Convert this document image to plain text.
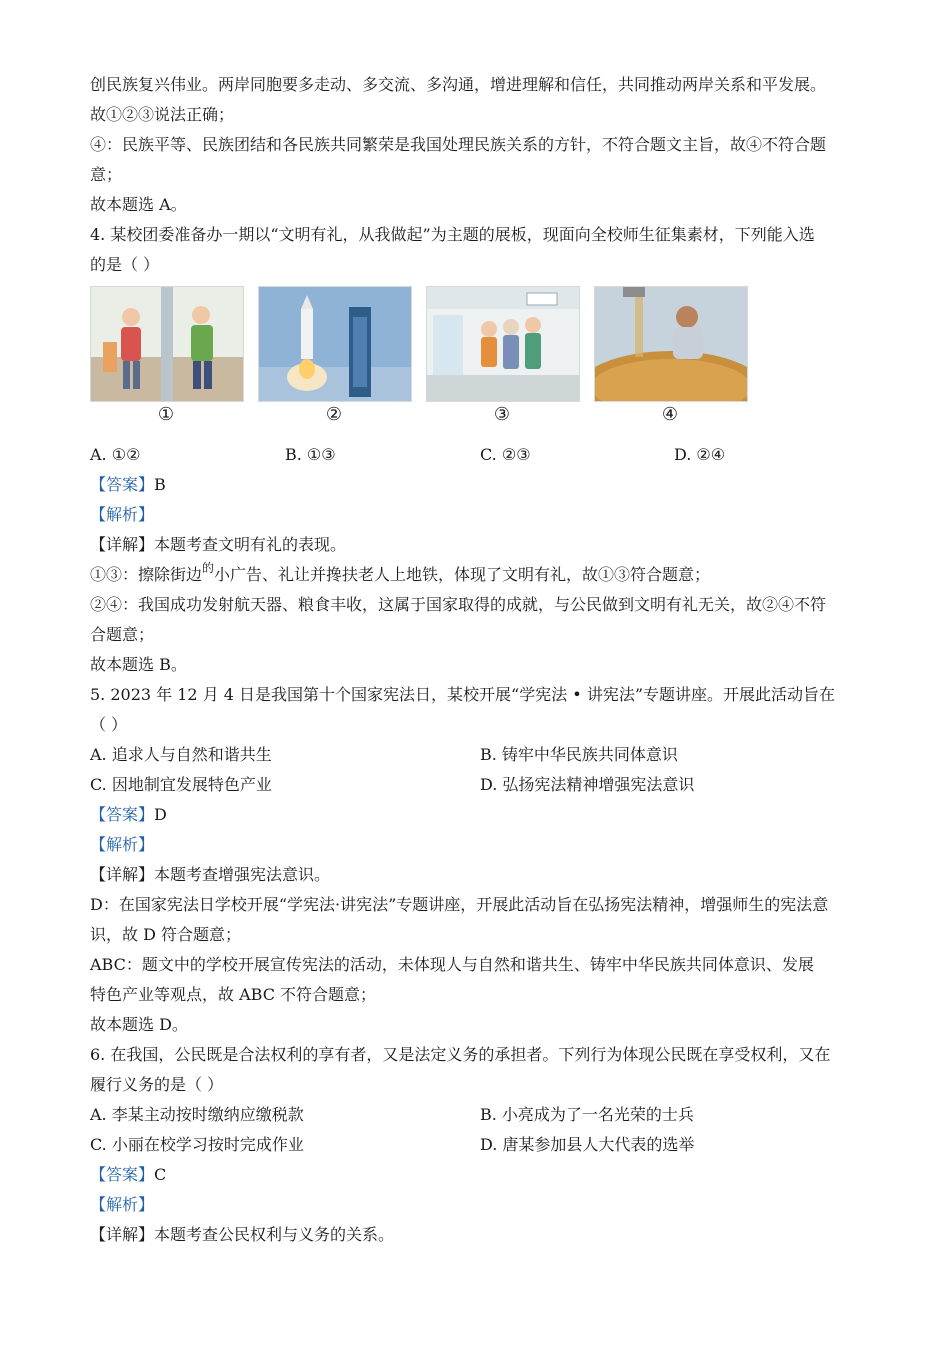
创民族复兴伟业。两岸同胞要多走动、多交流、多沟通，增进理解和信任，共同推动两岸关系和平发展。
故①②③说法正确；
④：民族平等、民族团结和各民族共同繁荣是我国处理民族关系的方针，不符合题文主旨，故④不符合题
意；
故本题选 A。
4. 某校团委准备办一期以“文明有礼，从我做起”为主题的展板，现面向全校师生征集素材，下列能入选
的是（ ）
①	②	③	④
A. ①②	B. ①③	C. ②③	D. ②④
【答案】B
【解析】
【详解】本题考查文明有礼的表现。
①③：擦除街边$^的$小广告、礼让并搀扶老人上地铁，体现了文明有礼，故①③符合题意；
②④：我国成功发射航天器、粮食丰收，这属于国家取得的成就，与公民做到文明有礼无关，故②④不符
合题意；
故本题选 B。
5. 2023 年 12 月 4 日是我国第十个国家宪法日，某校开展“学宪法 • 讲宪法”专题讲座。开展此活动旨在
（ ）
A. 追求人与自然和谐共生	B. 铸牢中华民族共同体意识
C. 因地制宜发展特色产业	D. 弘扬宪法精神增强宪法意识
【答案】D
【解析】
【详解】本题考查增强宪法意识。
D：在国家宪法日学校开展“学宪法·讲宪法”专题讲座，开展此活动旨在弘扬宪法精神，增强师生的宪法意
识，故 D 符合题意；
ABC：题文中的学校开展宣传宪法的活动，未体现人与自然和谐共生、铸牢中华民族共同体意识、发展
特色产业等观点，故 ABC 不符合题意；
故本题选 D。
6. 在我国，公民既是合法权利的享有者，又是法定义务的承担者。下列行为体现公民既在享受权利，又在
履行义务的是（ ）
A. 李某主动按时缴纳应缴税款	B. 小亮成为了一名光荣的士兵
C. 小丽在校学习按时完成作业	D. 唐某参加县人大代表的选举
【答案】C
【解析】
【详解】本题考查公民权利与义务的关系。
